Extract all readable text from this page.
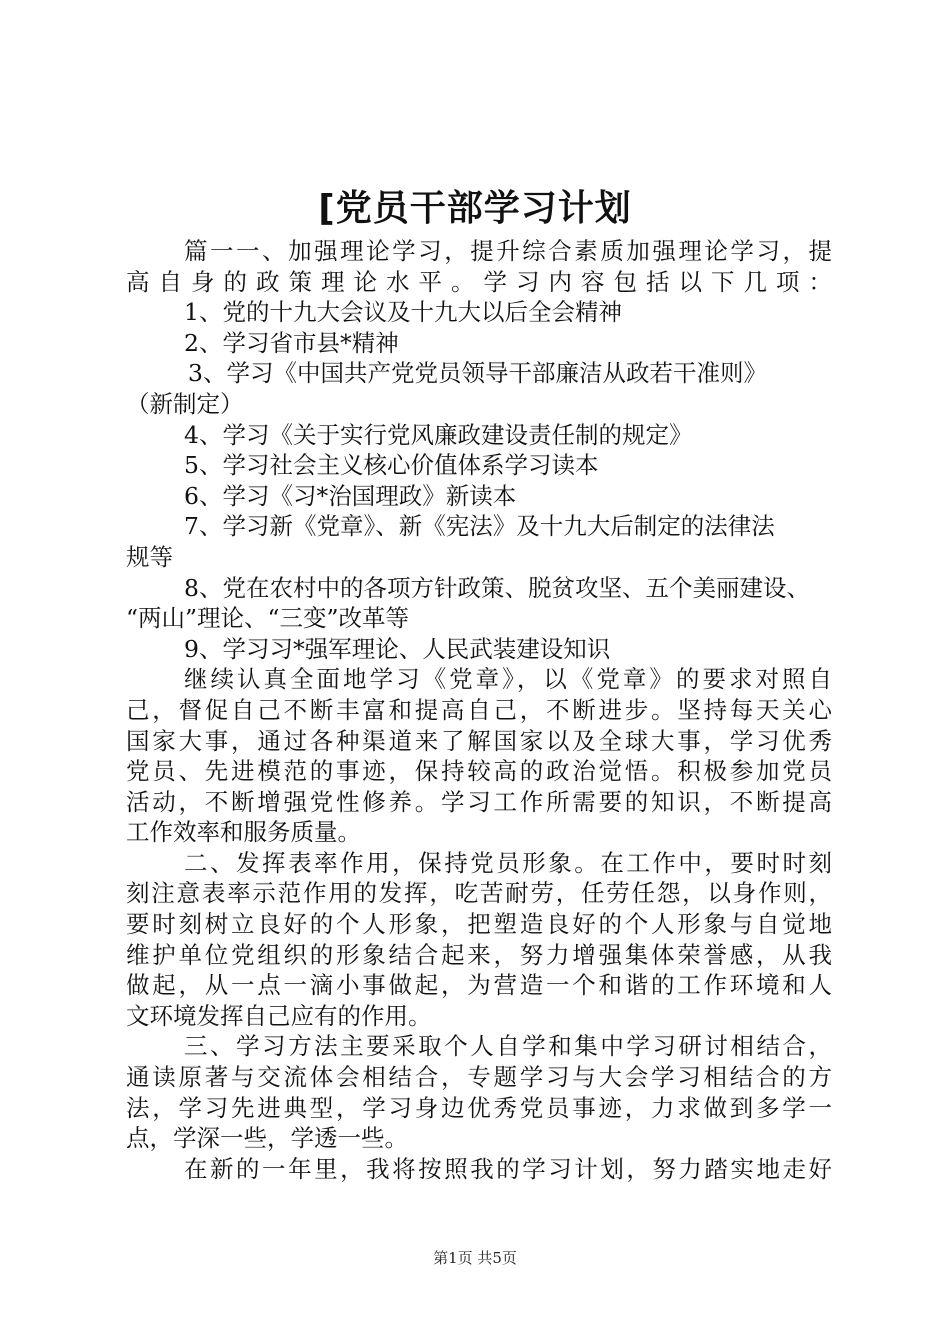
[党员干部学习计划
篇一一、加强理论学习，提升综合素质加强理论学习，提
高自身的政策理论水平。学习内容包括以下几项：
1、党的十九大会议及十九大以后全会精神
2、学习省市县*精神
3、学习《中国共产党党员领导干部廉洁从政若干准则》
（新制定）
4、学习《关于实行党风廉政建设责任制的规定》
5、学习社会主义核心价值体系学习读本
6、学习《习*治国理政》新读本
7、学习新《党章》、新《宪法》及十九大后制定的法律法
规等
8、党在农村中的各项方针政策、脱贫攻坚、五个美丽建设、
“两山”理论、“三变”改革等
9、学习习*强军理论、人民武装建设知识
继续认真全面地学习《党章》，以《党章》的要求对照自
己，督促自己不断丰富和提高自己，不断进步。坚持每天关心
国家大事，通过各种渠道来了解国家以及全球大事，学习优秀
党员、先进模范的事迹，保持较高的政治觉悟。积极参加党员
活动，不断增强党性修养。学习工作所需要的知识，不断提高
工作效率和服务质量。
二、发挥表率作用，保持党员形象。在工作中，要时时刻
刻注意表率示范作用的发挥，吃苦耐劳，任劳任怨，以身作则，
要时刻树立良好的个人形象，把塑造良好的个人形象与自觉地
维护单位党组织的形象结合起来，努力增强集体荣誉感，从我
做起，从一点一滴小事做起，为营造一个和谐的工作环境和人
文环境发挥自己应有的作用。
三、学习方法主要采取个人自学和集中学习研讨相结合，
通读原著与交流体会相结合，专题学习与大会学习相结合的方
法，学习先进典型，学习身边优秀党员事迹，力求做到多学一
点，学深一些，学透一些。
在新的一年里，我将按照我的学习计划，努力踏实地走好
第1页 共5页
